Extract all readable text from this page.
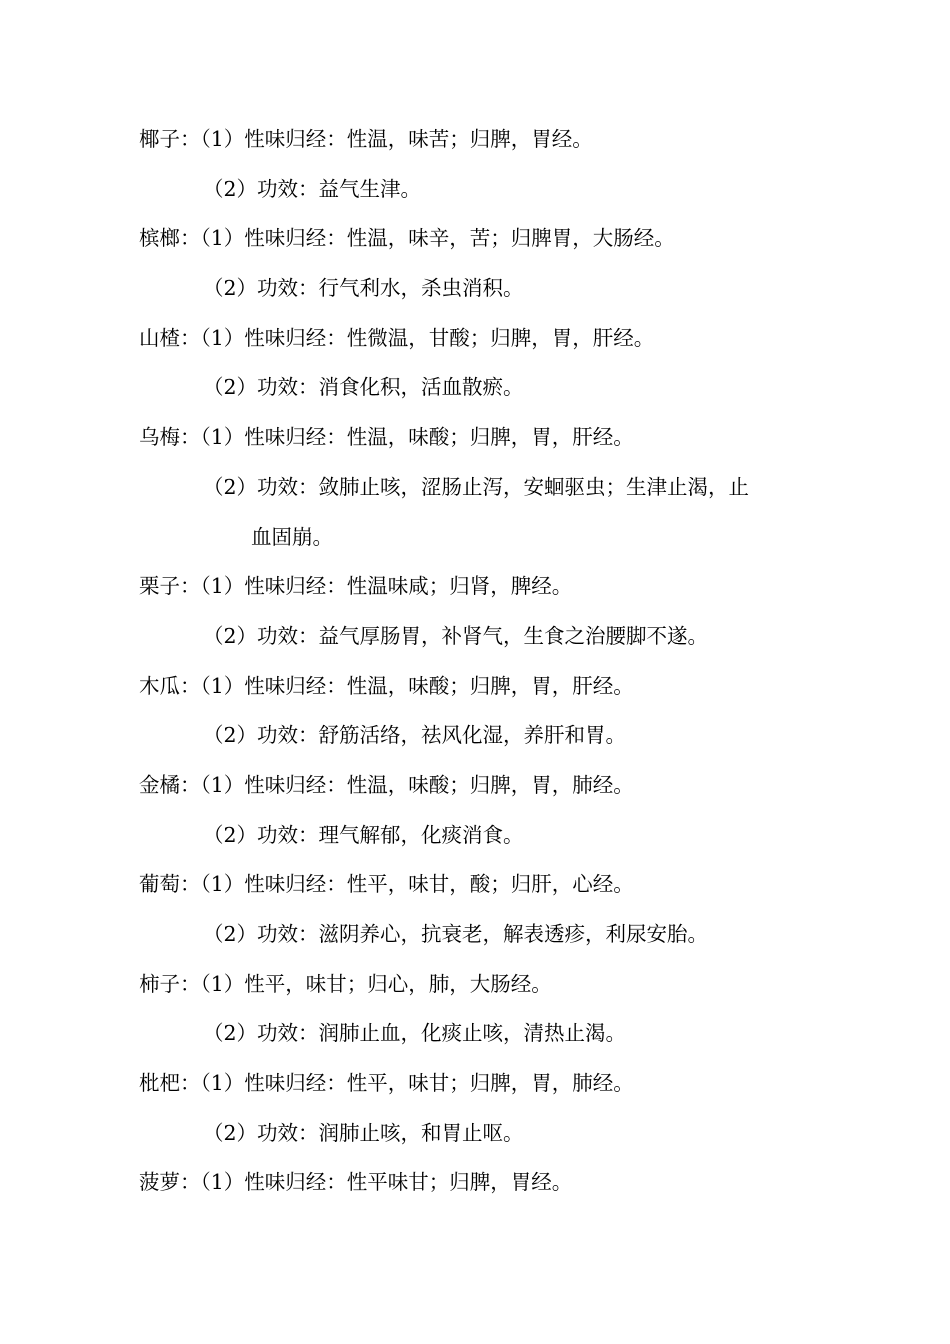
椰子：（1）性味归经：性温，味苦；归脾，胃经。
（2）功效：益气生津。
槟榔：（1）性味归经：性温，味辛，苦；归脾胃，大肠经。
（2）功效：行气利水，杀虫消积。
山楂：（1）性味归经：性微温，甘酸；归脾，胃，肝经。
（2）功效：消食化积，活血散瘀。
乌梅：（1）性味归经：性温，味酸；归脾，胃，肝经。
（2）功效：敛肺止咳，涩肠止泻，安蛔驱虫；生津止渴，止
血固崩。
栗子：（1）性味归经：性温味咸；归肾，脾经。
（2）功效：益气厚肠胃，补肾气，生食之治腰脚不遂。
木瓜：（1）性味归经：性温，味酸；归脾，胃，肝经。
（2）功效：舒筋活络，祛风化湿，养肝和胃。
金橘：（1）性味归经：性温，味酸；归脾，胃，肺经。
（2）功效：理气解郁，化痰消食。
葡萄：（1）性味归经：性平，味甘，酸；归肝，心经。
（2）功效：滋阴养心，抗衰老，解表透疹，利尿安胎。
柿子：（1）性平，味甘；归心，肺，大肠经。
（2）功效：润肺止血，化痰止咳，清热止渴。
枇杷：（1）性味归经：性平，味甘；归脾，胃，肺经。
（2）功效：润肺止咳，和胃止呕。
菠萝：（1）性味归经：性平味甘；归脾，胃经。
